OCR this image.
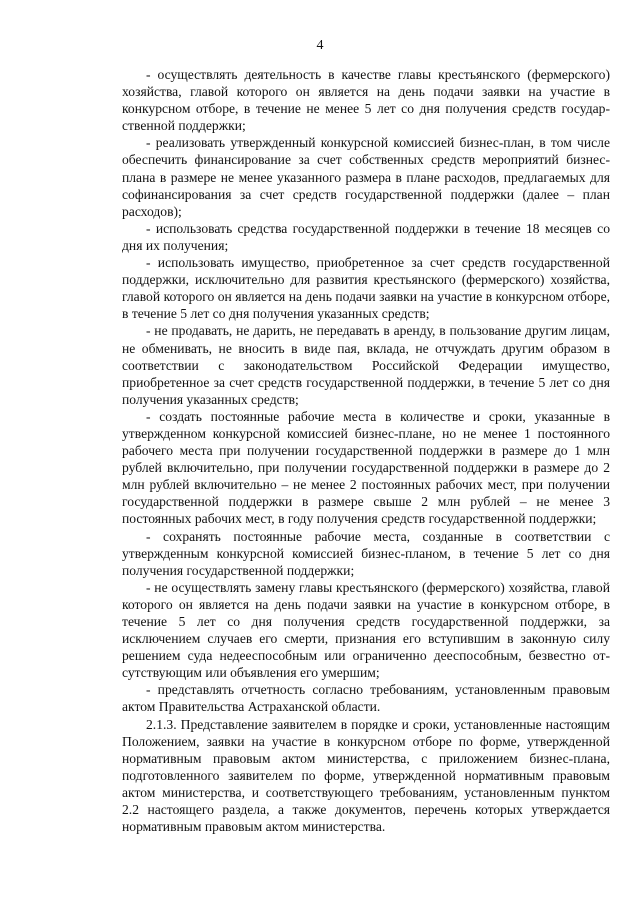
4

- осуществлять деятельность в качестве главы крестьянского (фермерского) хозяйства, главой которого он является на день подачи заявки на участие в конкурсном отборе, в течение не менее 5 лет со дня получения средств государственной поддержки;

- реализовать утвержденный конкурсной комиссией бизнес-план, в том числе обеспечить финансирование за счет собственных средств мероприятий бизнес-плана в размере не менее указанного размера в плане расходов, предлагаемых для софинансирования за счет средств государственной поддержки (далее – план расходов);

- использовать средства государственной поддержки в течение 18 месяцев со дня их получения;

- использовать имущество, приобретенное за счет средств государственной поддержки, исключительно для развития крестьянского (фермерского) хозяйства, главой которого он является на день подачи заявки на участие в конкурсном отборе, в течение 5 лет со дня получения указанных средств;

- не продавать, не дарить, не передавать в аренду, в пользование другим лицам, не обменивать, не вносить в виде пая, вклада, не отчуждать другим образом в соответствии с законодательством Российской Федерации имущество, приобретенное за счет средств государственной поддержки, в течение 5 лет со дня получения указанных средств;

- создать постоянные рабочие места в количестве и сроки, указанные в утвержденном конкурсной комиссией бизнес-плане, но не менее 1 постоянного рабочего места при получении государственной поддержки в размере до 1 млн рублей включительно, при получении государственной поддержки в размере до 2 млн рублей включительно – не менее 2 постоянных рабочих мест, при получении государственной поддержки в размере свыше 2 млн рублей – не менее 3 постоянных рабочих мест, в году получения средств государственной поддержки;

- сохранять постоянные рабочие места, созданные в соответствии с утвержденным конкурсной комиссией бизнес-планом, в течение 5 лет со дня получения государственной поддержки;

- не осуществлять замену главы крестьянского (фермерского) хозяйства, главой которого он является на день подачи заявки на участие в конкурсном отборе, в течение 5 лет со дня получения средств государственной поддержки, за исключением случаев его смерти, признания его вступившим в законную силу решением суда недееспособным или ограниченно дееспособным, безвестно отсутствующим или объявления его умершим;

- представлять отчетность согласно требованиям, установленным правовым актом Правительства Астраханской области.

2.1.3. Представление заявителем в порядке и сроки, установленные настоящим Положением, заявки на участие в конкурсном отборе по форме, утвержденной нормативным правовым актом министерства, с приложением бизнес-плана, подготовленного заявителем по форме, утвержденной нормативным правовым актом министерства, и соответствующего требованиям, установленным пунктом 2.2 настоящего раздела, а также документов, перечень которых утверждается нормативным правовым актом министерства.
